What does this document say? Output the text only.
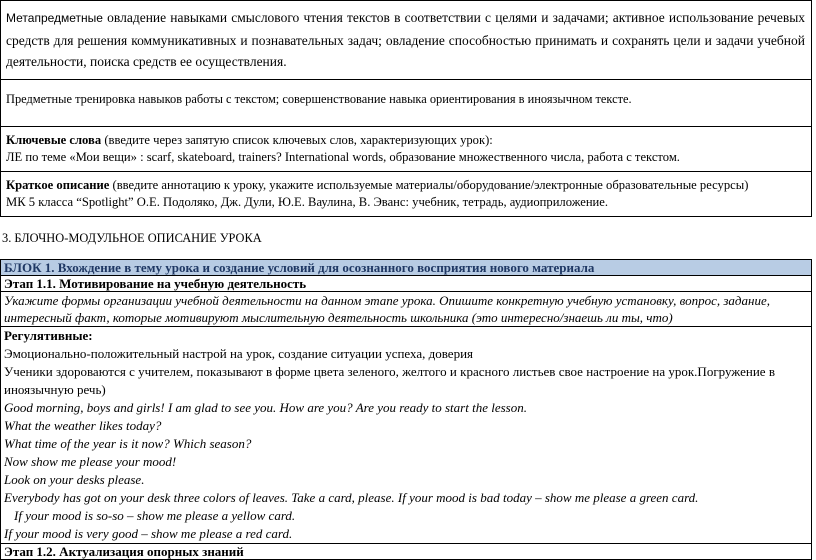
Метапредметные овладение навыками смыслового чтения текстов в соответствии с целями и задачами; активное использование речевых средств для решения коммуникативных и познавательных задач; овладение способностью принимать и сохранять цели и задачи учебной деятельности, поиска средств ее осуществления.

Предметные тренировка навыков работы с текстом; совершенствование навыка ориентирования в иноязычном тексте.

Ключевые слова (введите через запятую список ключевых слов, характеризующих урок):

ЛЕ по теме «Мои вещи» : scarf, skateboard, trainers? International words, образование множественного числа, работа с текстом.

Краткое описание (введите аннотацию к уроку, укажите используемые материалы/оборудование/электронные образовательные ресурсы)

МК 5 класса “Spotlight” О.Е. Подоляко, Дж. Дули, Ю.Е. Ваулина, В. Эванс: учебник, тетрадь, аудиоприложение.

3. БЛОЧНО-МОДУЛЬНОЕ ОПИСАНИЕ УРОКА
БЛОК 1. Вхождение в тему урока и создание условий для осознанного восприятия нового материала
Этап 1.1. Мотивирование на учебную деятельность
Укажите формы организации учебной деятельности на данном этапе урока. Опишите конкретную учебную установку, вопрос, задание, интересный факт, которые мотивируют мыслительную деятельность школьника (это интересно/знаешь ли ты, что)

Регулятивные:
Эмоционально-положительный настрой на урок, создание ситуации успеха, доверия
Ученики здороваются с учителем, показывают в форме цвета зеленого, желтого и красного листьев свое настроение на урок.Погружение в иноязычную речь)
Good morning, boys and girls! I am glad to see you. How are you? Are you ready to start the lesson.
What the weather likes today?
What time of the year is it now? Which season?
Now show me please your mood!
Look on your desks please.
Everybody has got on your desk three colors of leaves. Take a card, please. If your mood is bad today – show me please a green card.
If your mood is so-so – show me please a yellow card.
If your mood is very good – show me please a red card.

Этап 1.2. Актуализация опорных знаний
